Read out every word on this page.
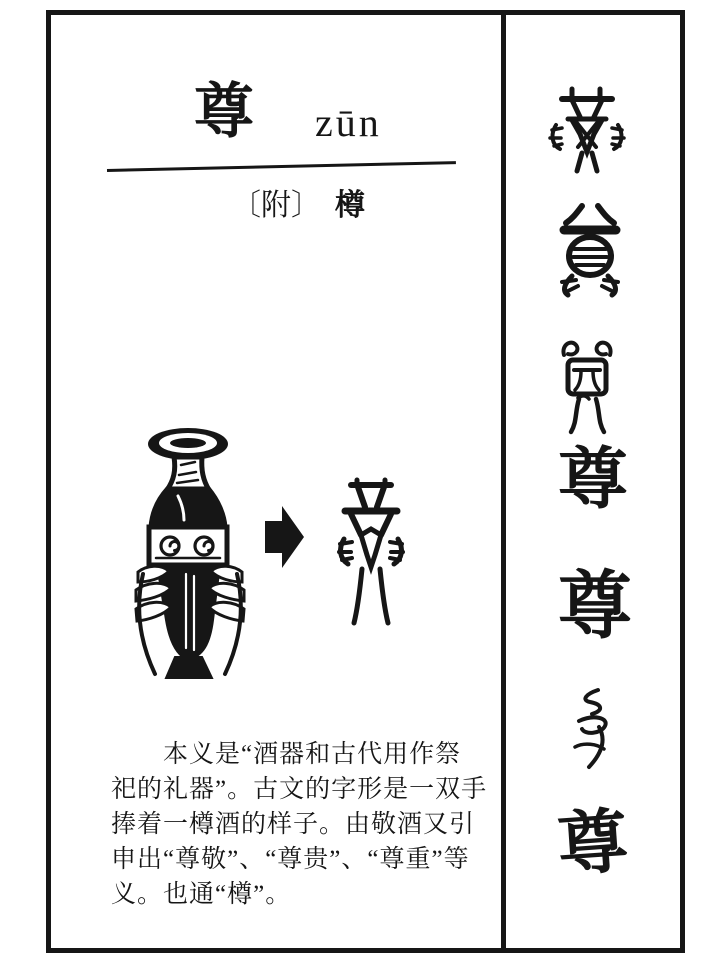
尊 zūn
〔附〕 樽
本义是“酒器和古代用作祭
祀的礼器”。古文的字形是一双手
捧着一樽酒的样子。由敬酒又引
申出“尊敬”、“尊贵”、“尊重”等
义。也通“樽”。
尊
尊
尊
